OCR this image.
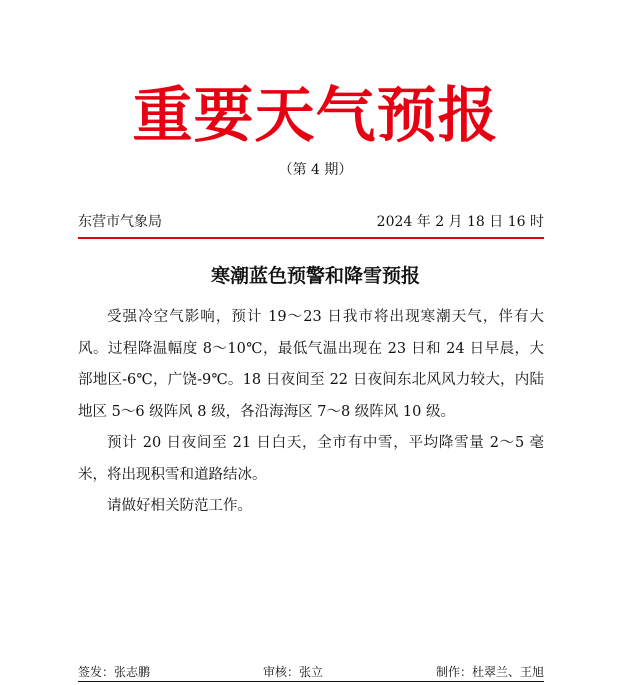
重要天气预报
（第 4 期）
东营市气象局	2024 年 2 月 18 日 16 时
寒潮蓝色预警和降雪预报

受强冷空气影响，预计 19～23 日我市将出现寒潮天气，伴有大风。过程降温幅度 8～10℃，最低气温出现在 23 日和 24 日早晨，大部地区-6℃，广饶-9℃。18 日夜间至 22 日夜间东北风风力较大，内陆地区 5～6 级阵风 8 级，各沿海海区 7～8 级阵风 10 级。

预计 20 日夜间至 21 日白天，全市有中雪，平均降雪量 2～5 毫米，将出现积雪和道路结冰。

请做好相关防范工作。

签发：张志鹏	审核：张立	制作：杜翠兰、王旭
